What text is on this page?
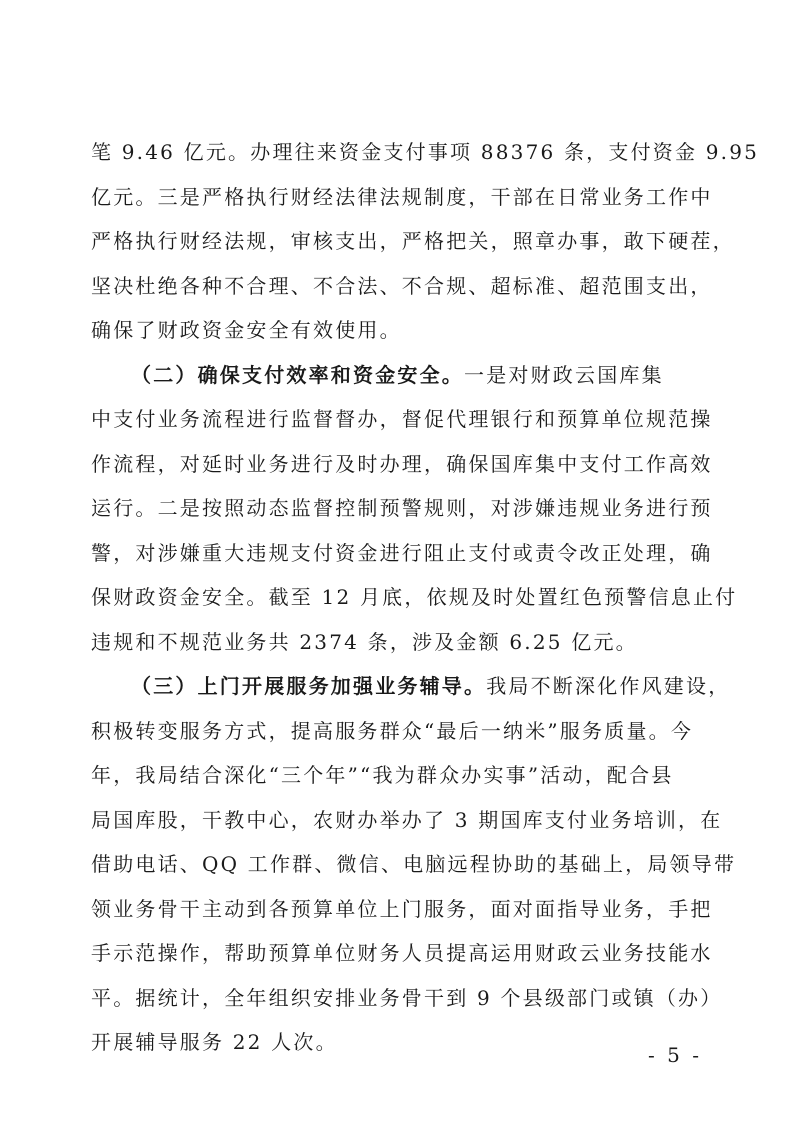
笔 9.46 亿元。办理往来资金支付事项 88376 条，支付资金 9.95
亿元。三是严格执行财经法律法规制度，干部在日常业务工作中
严格执行财经法规，审核支出，严格把关，照章办事，敢下硬茬，
坚决杜绝各种不合理、不合法、不合规、超标准、超范围支出，
确保了财政资金安全有效使用。
（二）确保支付效率和资金安全。一是对财政云国库集
中支付业务流程进行监督督办，督促代理银行和预算单位规范操
作流程，对延时业务进行及时办理，确保国库集中支付工作高效
运行。二是按照动态监督控制预警规则，对涉嫌违规业务进行预
警，对涉嫌重大违规支付资金进行阻止支付或责令改正处理，确
保财政资金安全。截至 12 月底，依规及时处置红色预警信息止付
违规和不规范业务共 2374 条，涉及金额 6.25 亿元。
（三）上门开展服务加强业务辅导。我局不断深化作风建设，
积极转变服务方式，提高服务群众“最后一纳米”服务质量。今
年，我局结合深化“三个年”“我为群众办实事”活动，配合县
局国库股，干教中心，农财办举办了 3 期国库支付业务培训，在
借助电话、QQ 工作群、微信、电脑远程协助的基础上，局领导带
领业务骨干主动到各预算单位上门服务，面对面指导业务，手把
手示范操作，帮助预算单位财务人员提高运用财政云业务技能水
平。据统计，全年组织安排业务骨干到 9 个县级部门或镇（办）
- 5 -
开展辅导服务 22 人次。
